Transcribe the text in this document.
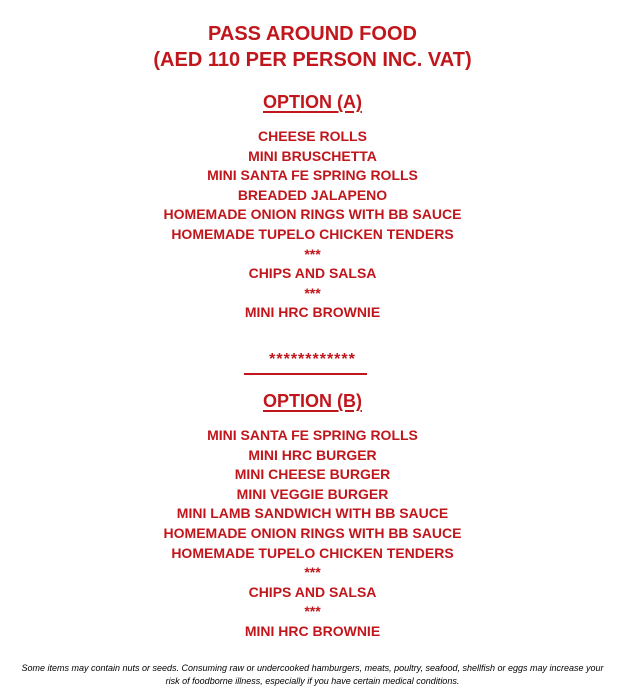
PASS AROUND FOOD
(AED 110 PER PERSON INC. VAT)
OPTION (A)
CHEESE ROLLS
MINI BRUSCHETTA
MINI SANTA FE SPRING ROLLS
BREADED JALAPENO
HOMEMADE ONION RINGS WITH BB SAUCE
HOMEMADE TUPELO CHICKEN TENDERS
***
CHIPS AND SALSA
***
MINI HRC BROWNIE
************
OPTION (B)
MINI SANTA FE SPRING ROLLS
MINI HRC BURGER
MINI CHEESE BURGER
MINI VEGGIE BURGER
MINI LAMB SANDWICH WITH BB SAUCE
HOMEMADE ONION RINGS WITH BB SAUCE
HOMEMADE TUPELO CHICKEN TENDERS
***
CHIPS AND SALSA
***
MINI HRC BROWNIE
Some items may contain nuts or seeds. Consuming raw or undercooked hamburgers, meats, poultry, seafood, shellfish or eggs may increase your
risk of foodborne illness, especially if you have certain medical conditions.
